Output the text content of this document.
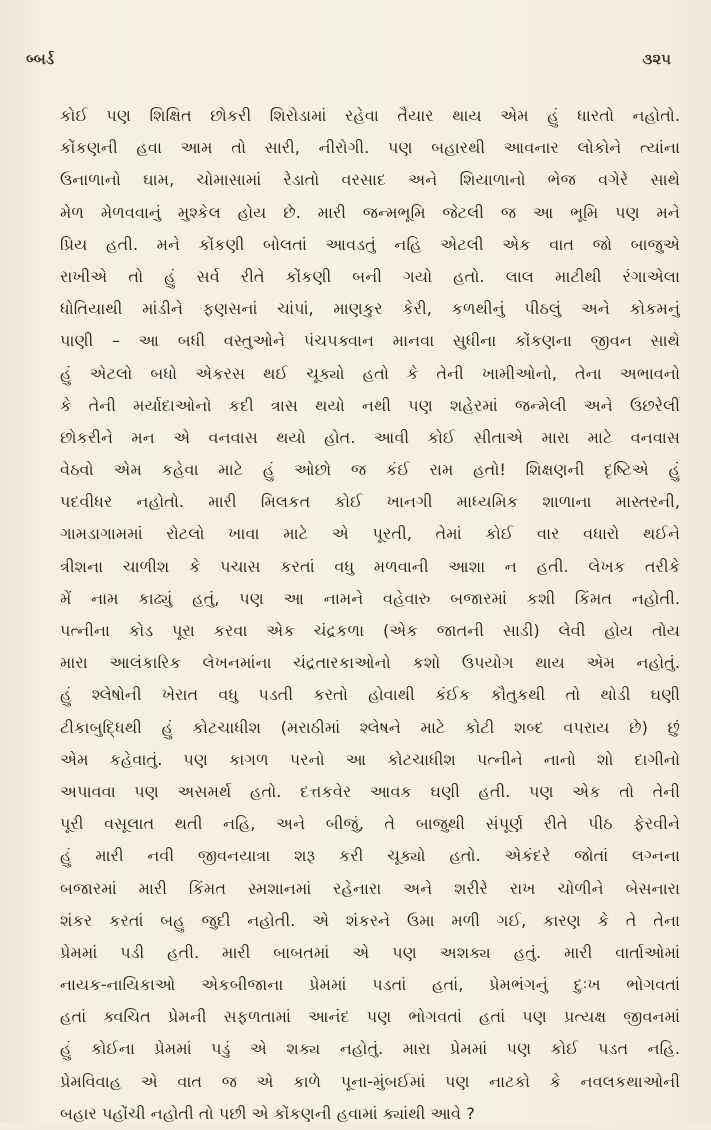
બ્બર્ડ	૩૨૫
કોઈ પણ શિક્ષિત છોકરી શિરોડામાં રહેવા તૈયાર થાય એમ હું ધારતો નહોતો.
કોંકણની હવા આમ તો સારી, નીરોગી. પણ બહારથી આવનાર લોકોને ત્યાંના
ઉનાળાનો ઘામ, ચોમાસામાં રેડાતો વરસાદ અને શિયાળાનો ભેજ વગેરે સાથે
મેળ મેળવવાનું મુશ્કેલ હોય છે. મારી જન્મભૂમિ જેટલી જ આ ભૂમિ પણ મને
પ્રિય હતી. મને કોંકણી બોલતાં આવડતું નહિ એટલી એક વાત જો બાજુએ
રાખીએ તો હું સર્વ રીતે કોંકણી બની ગયો હતો. લાલ માટીથી રંગાએલા
ધોતિયાથી માંડીને ફણસનાં ચાંપાં, માણકુર કેરી, કળથીનું પીઠલું અને કોકમનું
પાણી – આ બધી વસ્તુઓને પંચપક્વાન માનવા સુધીના કોંકણના જીવન સાથે
હું એટલો બધો એકરસ થઈ ચૂક્યો હતો કે તેની ખામીઓનો, તેના અભાવનો
કે તેની મર્યાદાઓનો કદી ત્રાસ થયો નથી પણ શહેરમાં જન્મેલી અને ઉછરેલી
છોકરીને મન એ વનવાસ થયો હોત. આવી કોઈ સીતાએ મારા માટે વનવાસ
વેઠવો એમ કહેવા માટે હું ઓછો જ કંઈ રામ હતો! શિક્ષણની દૃષ્ટિએ હું
પદવીધર નહોતો. મારી મિલકત કોઈ ખાનગી માધ્યમિક શાળાના માસ્તરની,
ગામડાગામમાં રોટલો ખાવા માટે એ પૂરતી, તેમાં કોઈ વાર વધારો થઈને
ત્રીશના ચાળીશ કે પચાસ કરતાં વધુ મળવાની આશા ન હતી. લેખક તરીકે
મેં નામ કાઢ્યું હતું, પણ આ નામને વહેવારુ બજારમાં કશી કિંમત નહોતી.
પત્નીના કોડ પૂરા કરવા એક ચંદ્રકળા (એક જાતની સાડી) લેવી હોય તોય
મારા આલંકારિક લેખનમાંના ચંદ્રતારકાઓનો કશો ઉપયોગ થાય એમ નહોતું.
હું શ્લેષોની ખેરાત વધુ પડતી કરતો હોવાથી કંઈક કૌતુકથી તો થોડી ઘણી
ટીકાબુદ્ધિથી હું કોટચાધીશ (મરાઠીમાં શ્લેષને માટે કોટી શબ્દ વપરાય છે) છું
એમ કહેવાતું. પણ કાગળ પરનો આ કોટચાધીશ પત્નીને નાનો શો દાગીનો
અપાવવા પણ અસમર્થ હતો. દત્તકવેર આવક ઘણી હતી. પણ એક તો તેની
પૂરી વસૂલાત થતી નહિ, અને બીજું, તે બાજુથી સંપૂર્ણ રીતે પીઠ ફેરવીને
હું મારી નવી જીવનયાત્રા શરૂ કરી ચૂક્યો હતો. એકંદરે જોતાં લગ્નના
બજારમાં મારી કિંમત સ્મશાનમાં રહેનારા અને શરીરે રાખ ચોળીને બેસનારા
શંકર કરતાં બહુ જુદી નહોતી. એ શંકરને ઉમા મળી ગઈ, કારણ કે તે તેના
પ્રેમમાં પડી હતી. મારી બાબતમાં એ પણ અશક્ય હતું. મારી વાર્તાઓમાં
નાયક-નાયિકાઓ એકબીજાના પ્રેમમાં પડતાં હતાં, પ્રેમભંગનું દુઃખ ભોગવતાં
હતાં ક્વચિત પ્રેમની સફળતામાં આનંદ પણ ભોગવતાં હતાં પણ પ્રત્યક્ષ જીવનમાં
હું કોઈના પ્રેમમાં પડું એ શક્ય નહોતું. મારા પ્રેમમાં પણ કોઈ પડત નહિ.
પ્રેમવિવાહ એ વાત જ એ કાળે પૂના-મુંબઈમાં પણ નાટકો કે નવલકથાઓની
બહાર પહોંચી નહોતી તો પછી એ કોંકણની હવામાં ક્યાંથી આવે ?
